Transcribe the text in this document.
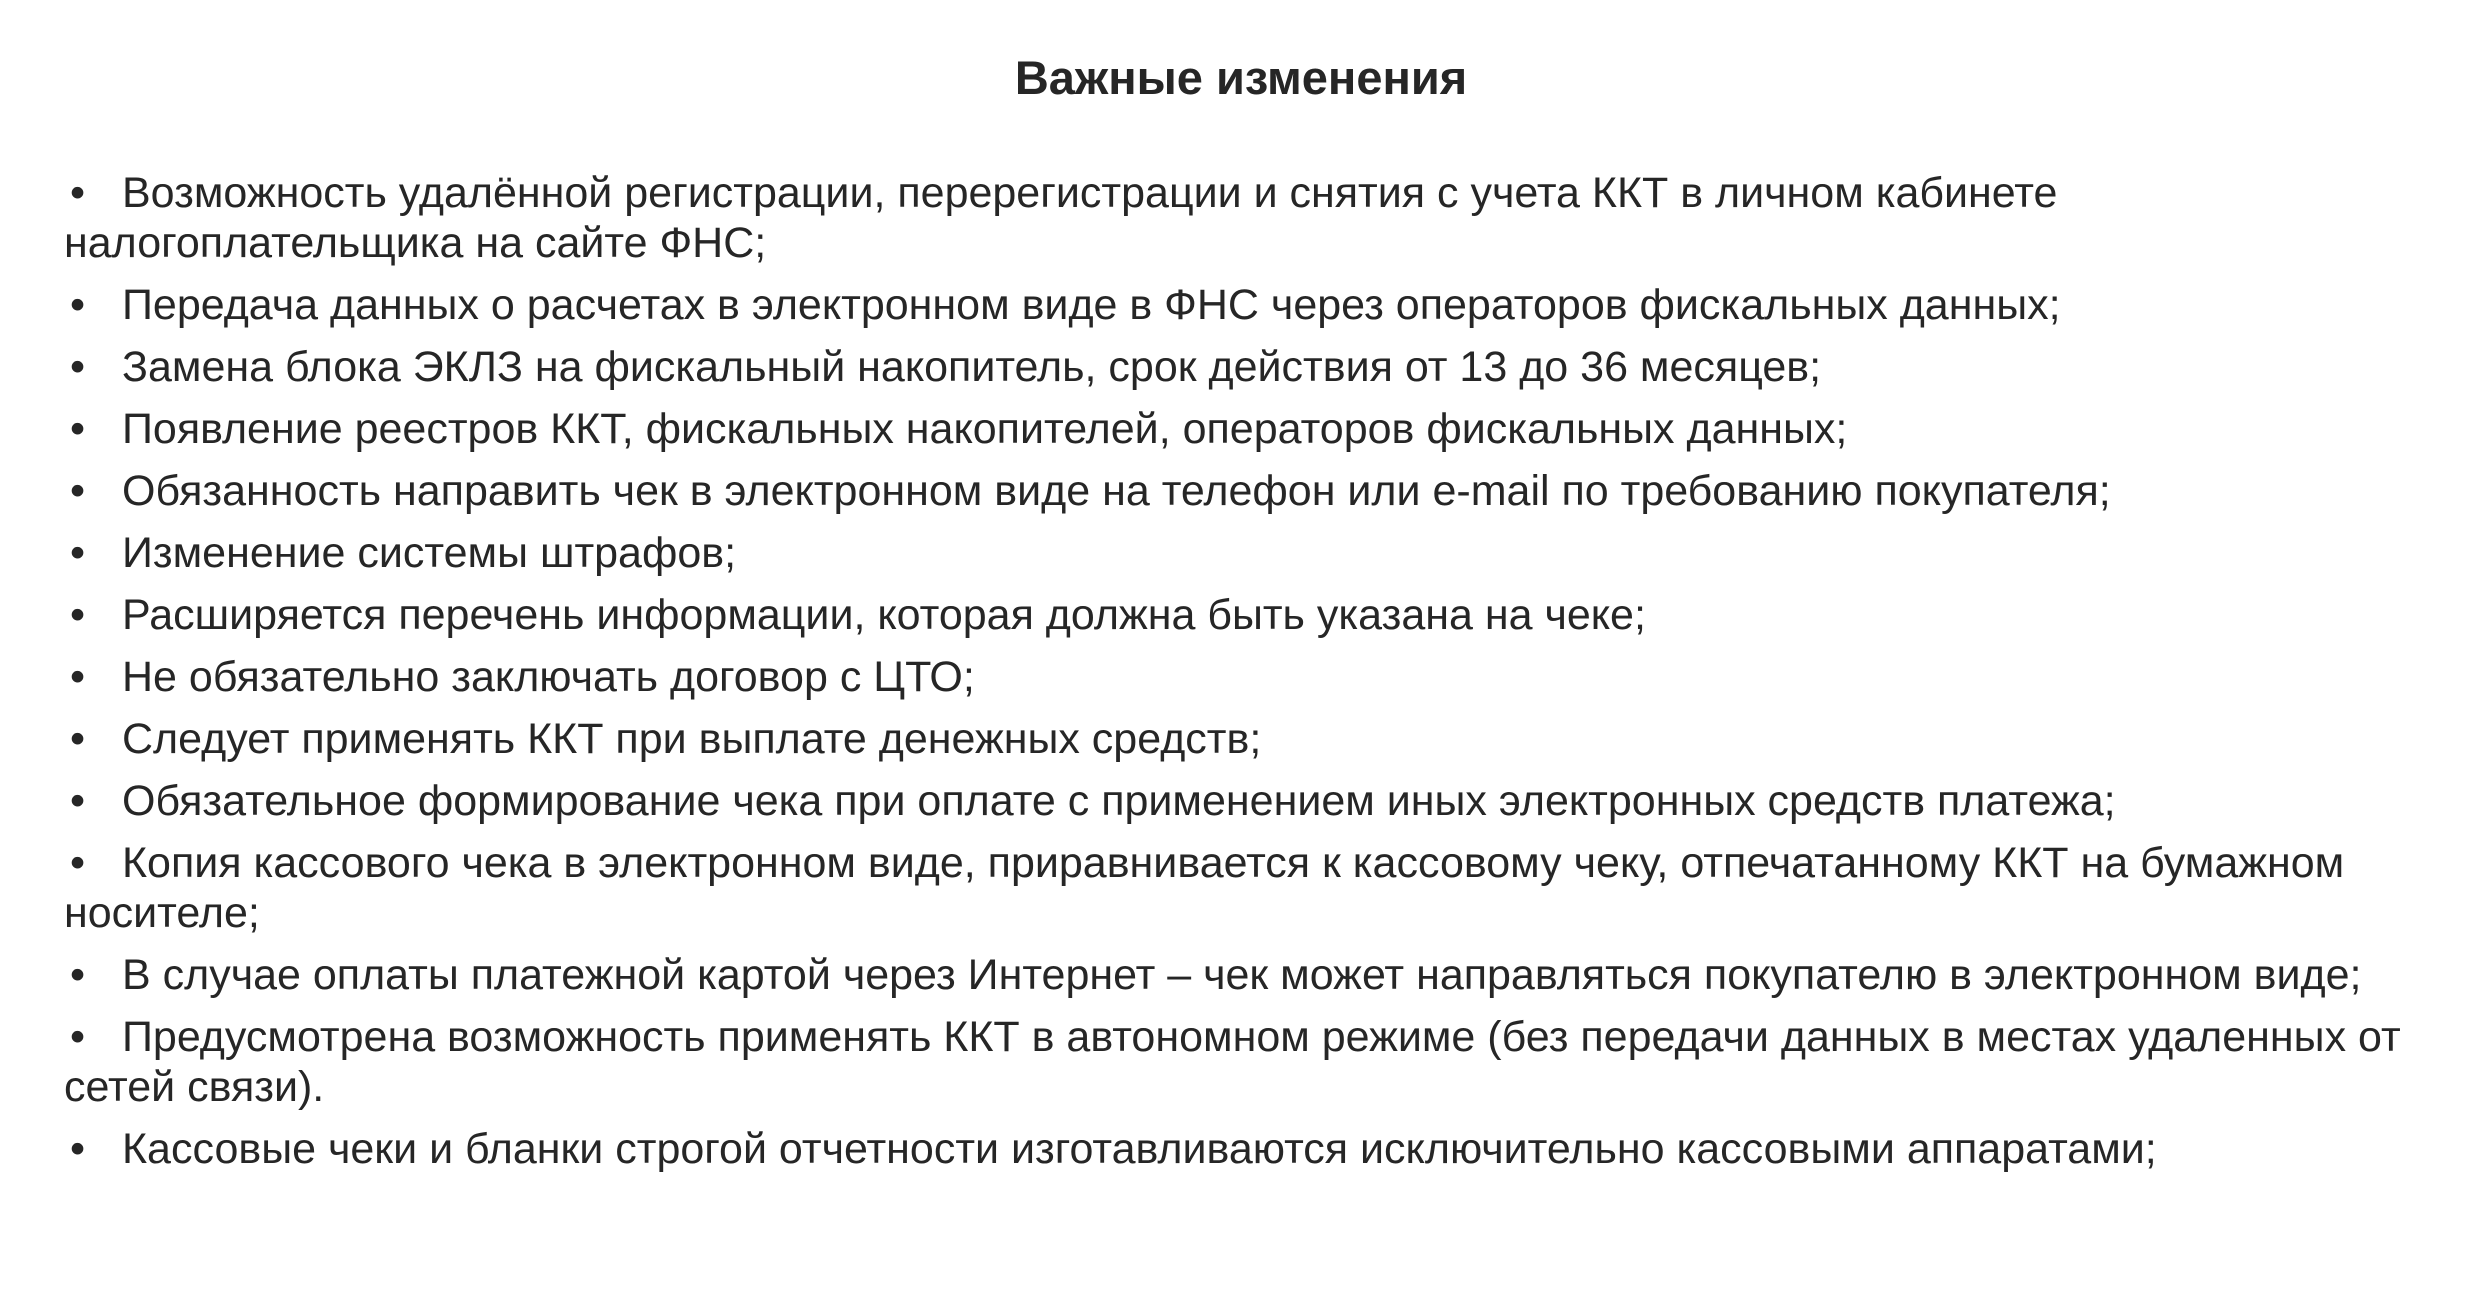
Важные изменения
• Возможность удалённой регистрации, перерегистрации и снятия с учета ККТ в личном кабинете налогоплательщика на сайте ФНС;
• Передача данных о расчетах в электронном виде в ФНС через операторов фискальных данных;
• Замена блока ЭКЛЗ на фискальный накопитель, срок действия от 13 до 36 месяцев;
• Появление реестров ККТ, фискальных накопителей, операторов фискальных данных;
• Обязанность направить чек в электронном виде на телефон или e-mail по требованию покупателя;
• Изменение системы штрафов;
• Расширяется перечень информации, которая должна быть указана на чеке;
• Не обязательно заключать договор с ЦТО;
• Следует применять ККТ при выплате денежных средств;
• Обязательное формирование чека при оплате с применением иных электронных средств платежа;
• Копия кассового чека в электронном виде, приравнивается к кассовому чеку, отпечатанному ККТ на бумажном носителе;
• В случае оплаты платежной картой через Интернет – чек может направляться покупателю в электронном виде;
• Предусмотрена возможность применять ККТ в автономном режиме (без передачи данных в местах удаленных от сетей связи).
• Кассовые чеки и бланки строгой отчетности изготавливаются исключительно кассовыми аппаратами;
